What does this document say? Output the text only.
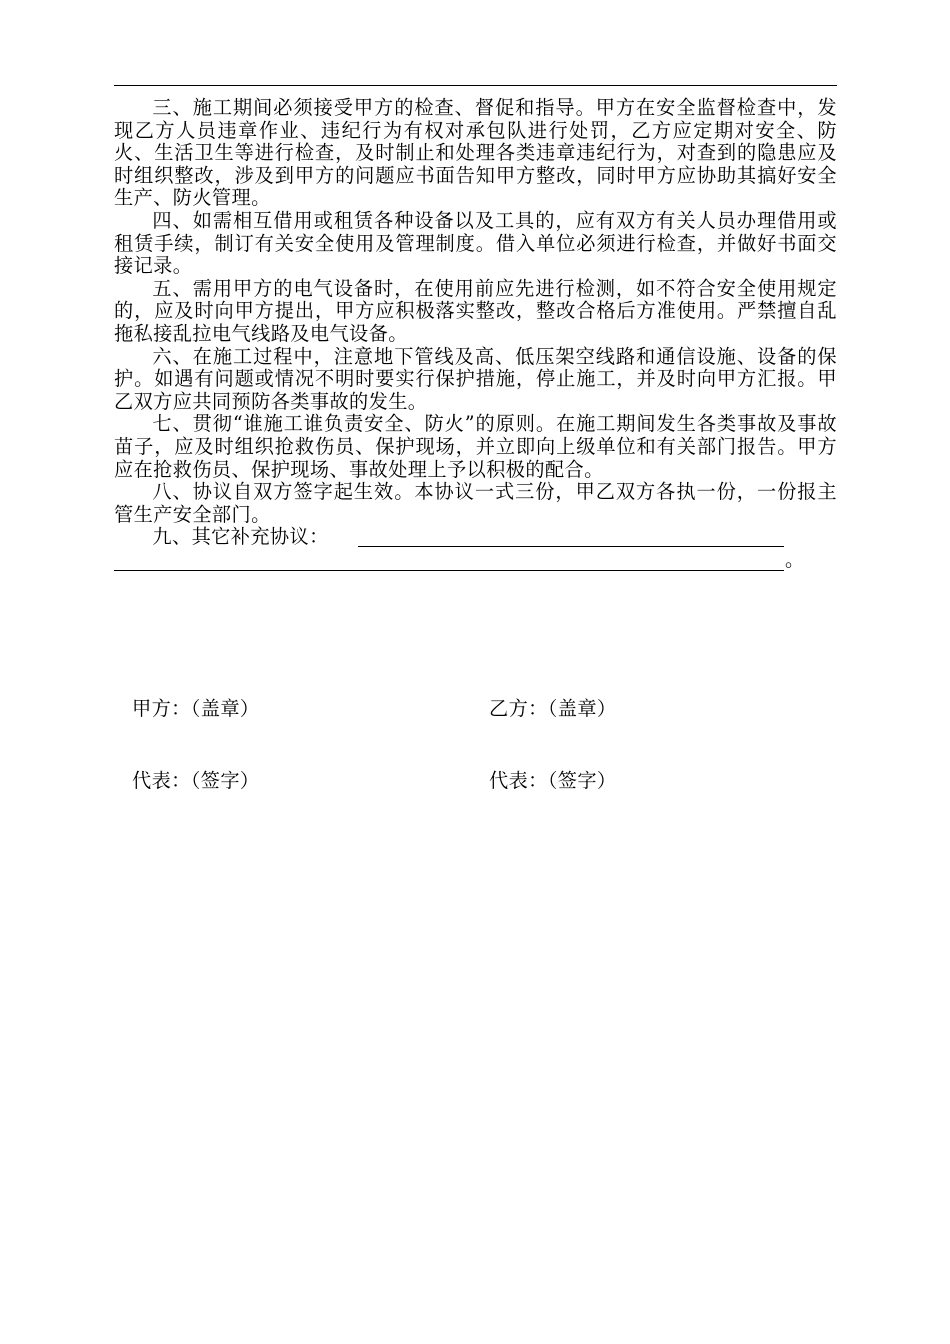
三、施工期间必须接受甲方的检查、督促和指导。甲方在安全监督检查中，发现乙方人员违章作业、违纪行为有权对承包队进行处罚，乙方应定期对安全、防火、生活卫生等进行检查，及时制止和处理各类违章违纪行为，对查到的隐患应及时组织整改，涉及到甲方的问题应书面告知甲方整改，同时甲方应协助其搞好安全生产、防火管理。

四、如需相互借用或租赁各种设备以及工具的，应有双方有关人员办理借用或租赁手续，制订有关安全使用及管理制度。借入单位必须进行检查，并做好书面交接记录。

五、需用甲方的电气设备时，在使用前应先进行检测，如不符合安全使用规定的，应及时向甲方提出，甲方应积极落实整改，整改合格后方准使用。严禁擅自乱拖私接乱拉电气线路及电气设备。

六、在施工过程中，注意地下管线及高、低压架空线路和通信设施、设备的保护。如遇有问题或情况不明时要实行保护措施，停止施工，并及时向甲方汇报。甲乙双方应共同预防各类事故的发生。

七、贯彻“谁施工谁负责安全、防火”的原则。在施工期间发生各类事故及事故苗子，应及时组织抢救伤员、保护现场，并立即向上级单位和有关部门报告。甲方应在抢救伤员、保护现场、事故处理上予以积极的配合。

八、协议自双方签字起生效。本协议一式三份，甲乙双方各执一份，一份报主管生产安全部门。

九、其它补充协议：
。

甲方：（盖章）

代表：（签字）

乙方：（盖章）

代表：（签字）
